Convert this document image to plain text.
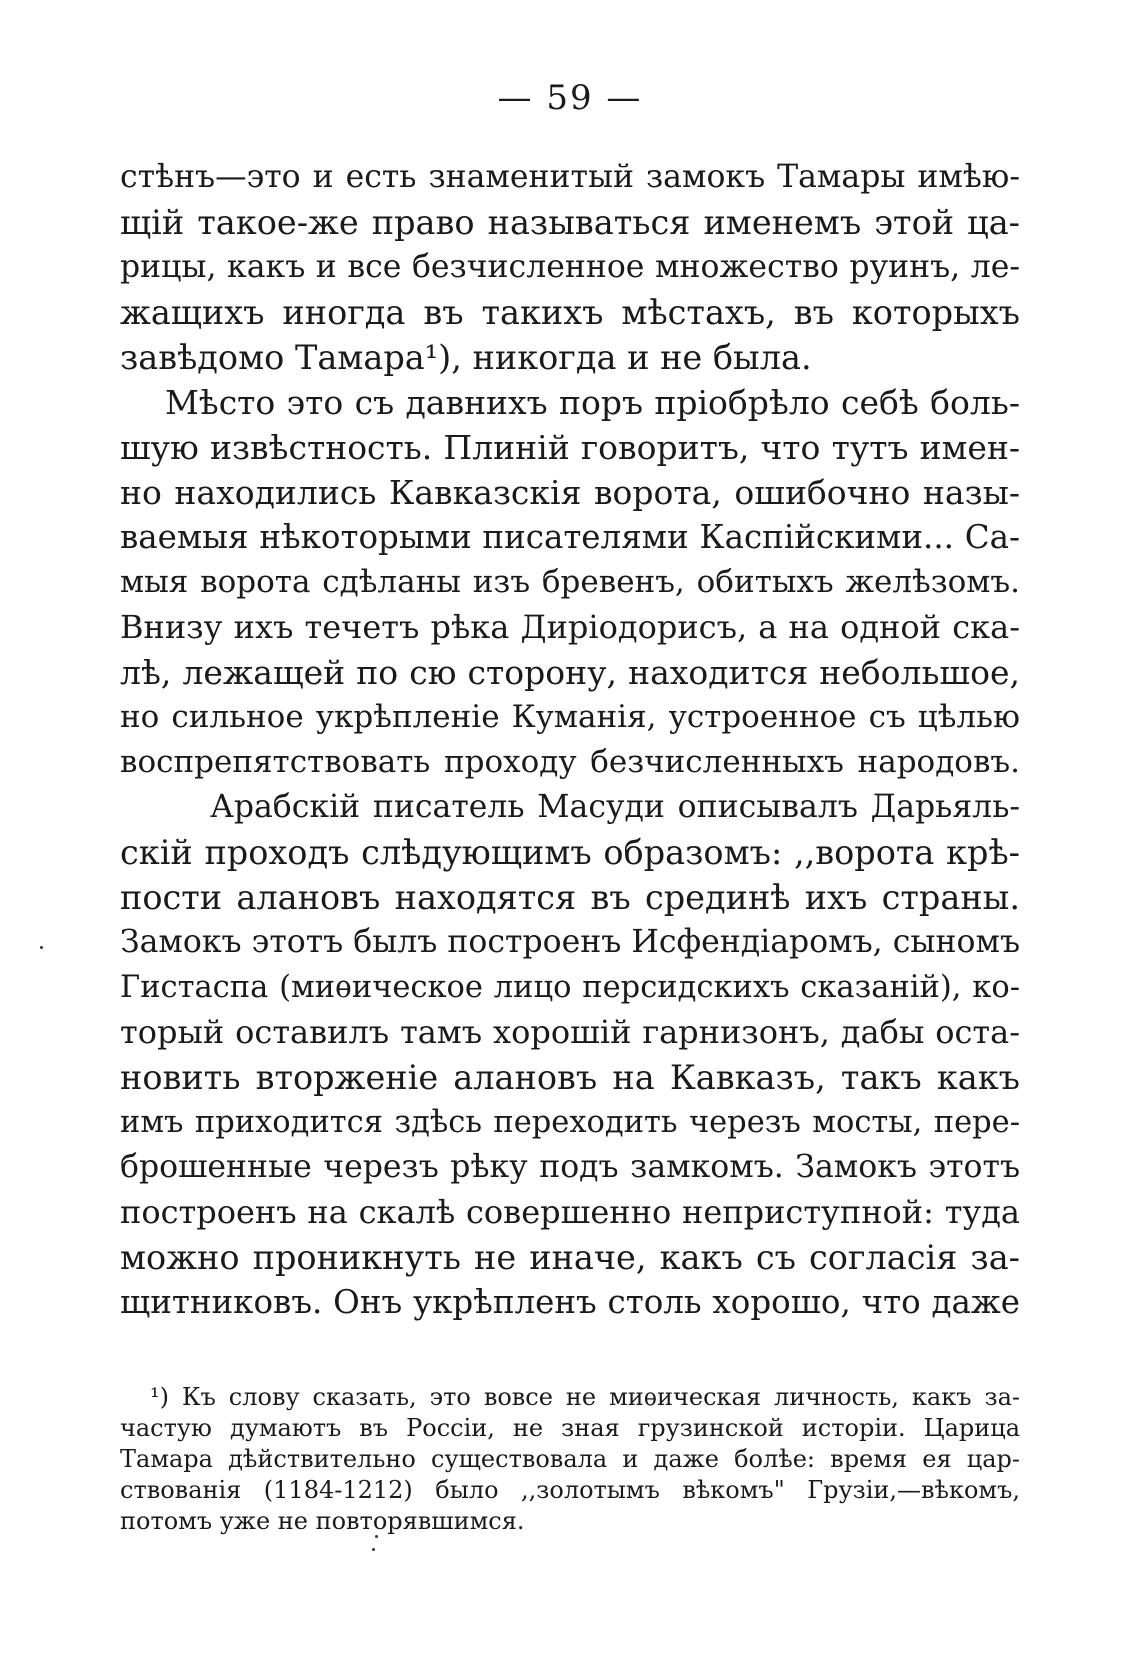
— 59 —
стѣнъ—это и есть знаменитый замокъ Тамары имѣю-
щій такое-же право называться именемъ этой ца-
рицы, какъ и все безчисленное множество руинъ, ле-
жащихъ иногда въ такихъ мѣстахъ, въ которыхъ
завѣдомо Тамара¹), никогда и не была.
Мѣсто это съ давнихъ поръ пріобрѣло себѣ боль-
шую извѣстность. Плиній говоритъ, что тутъ имен-
но находились Кавказскія ворота, ошибочно назы-
ваемыя нѣкоторыми писателями Каспійскими... Са-
мыя ворота сдѣланы изъ бревенъ, обитыхъ желѣзомъ.
Внизу ихъ течетъ рѣка Диріодорисъ, а на одной ска-
лѣ, лежащей по сю сторону, находится небольшое,
но сильное укрѣпленіе Куманія, устроенное съ цѣлью
воспрепятствовать проходу безчисленныхъ народовъ.
Арабскій писатель Масуди описывалъ Дарьяль-
скій проходъ слѣдующимъ образомъ: ,,ворота крѣ-
пости алановъ находятся въ срединѣ ихъ страны.
Замокъ этотъ былъ построенъ Исфендіаромъ, сыномъ
Гистаспа (миѳическое лицо персидскихъ сказаній), ко-
торый оставилъ тамъ хорошій гарнизонъ, дабы оста-
новить вторженіе алановъ на Кавказъ, такъ какъ
имъ приходится здѣсь переходить черезъ мосты, пере-
брошенные черезъ рѣку подъ замкомъ. Замокъ этотъ
построенъ на скалѣ совершенно неприступной: туда
можно проникнуть не иначе, какъ съ согласія за-
щитниковъ. Онъ укрѣпленъ столь хорошо, что даже
¹) Къ слову сказать, это вовсе не миѳическая личность, какъ за-
частую думаютъ въ Россіи, не зная грузинской исторіи. Царица
Тамара дѣйствительно существовала и даже болѣе: время ея цар-
ствованія (1184-1212) было ,,золотымъ вѣкомъ" Грузіи,—вѣкомъ,
потомъ уже не повторявшимся.
